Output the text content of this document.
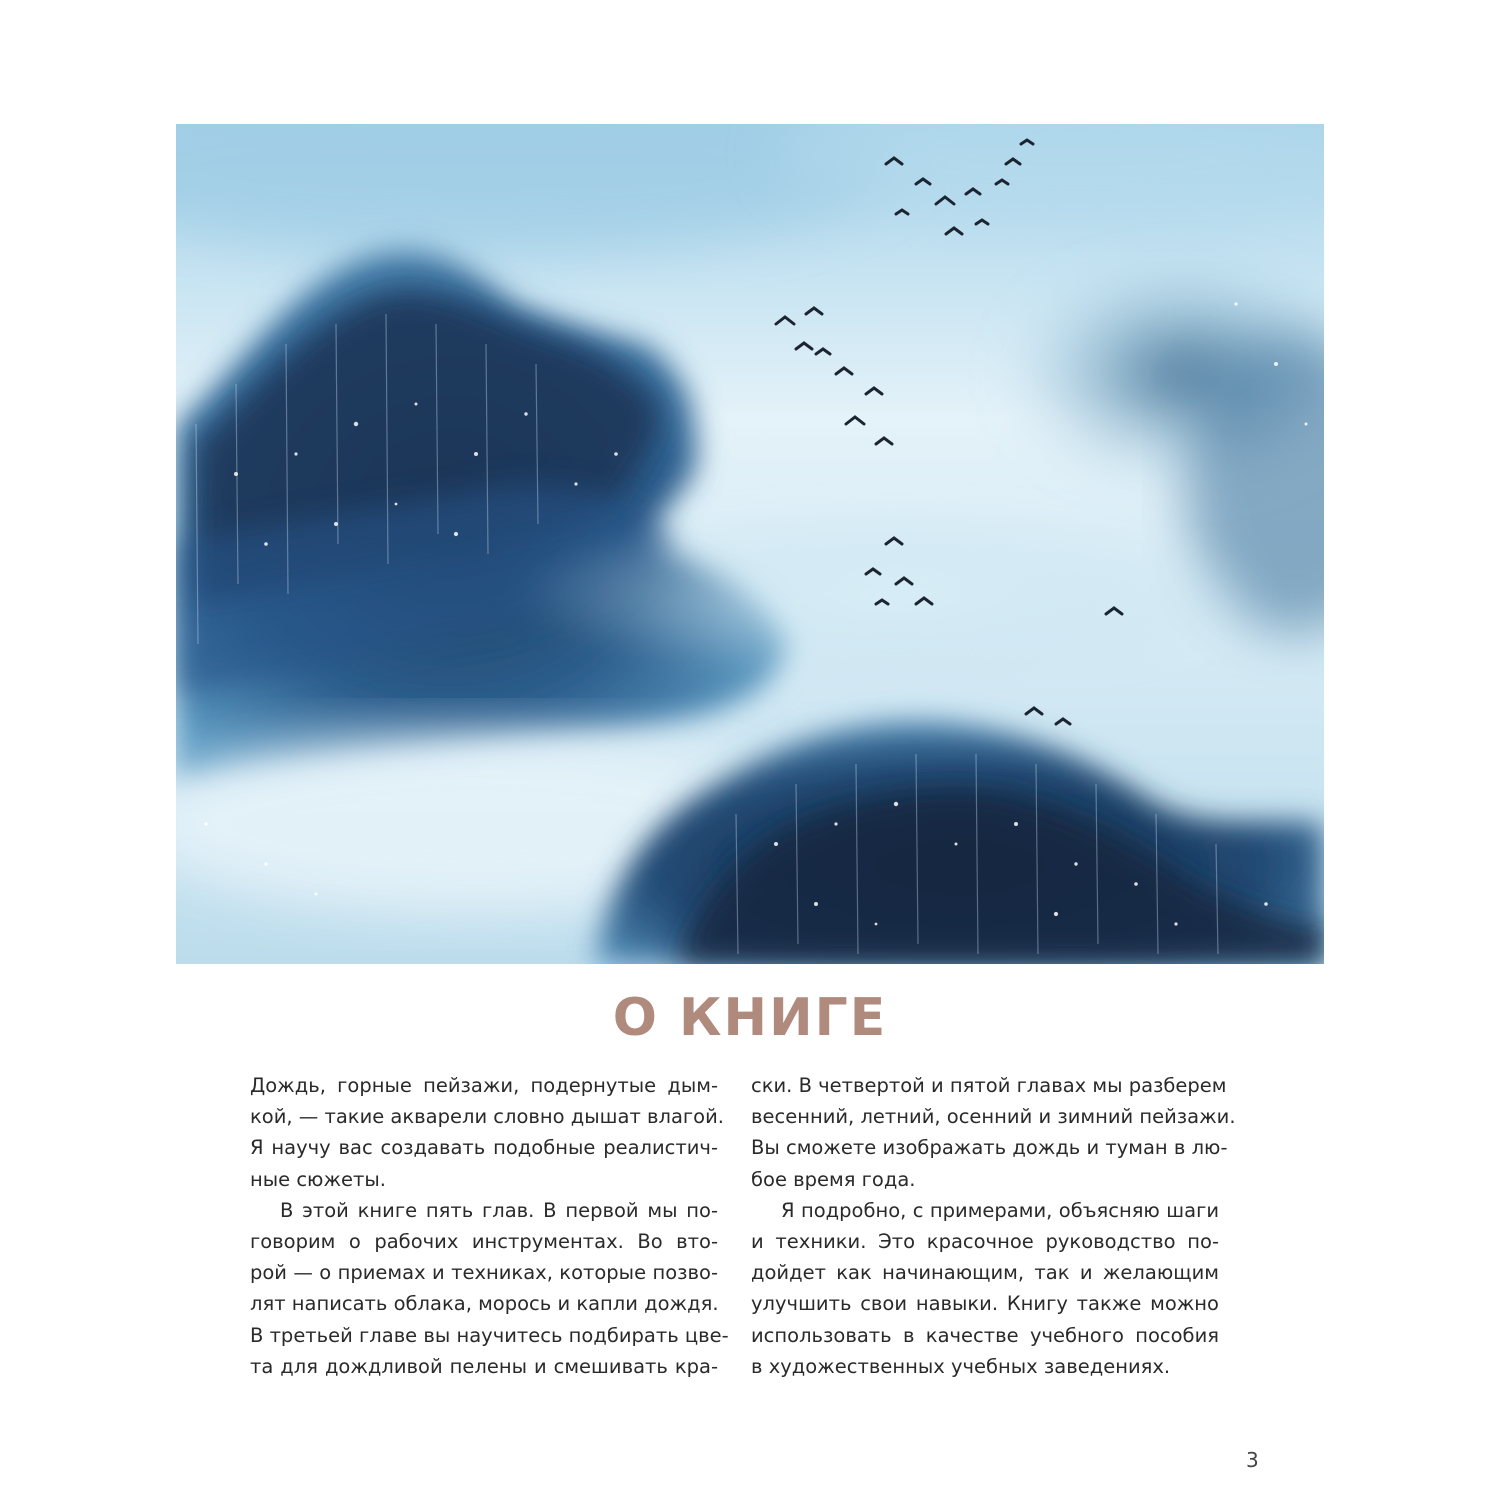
О КНИГЕ
Дождь, горные пейзажи, подернутые дым-
кой, — такие акварели словно дышат влагой.
Я научу вас создавать подобные реалистич-
ные сюжеты.
В этой книге пять глав. В первой мы по-
говорим о рабочих инструментах. Во вто-
рой — о приемах и техниках, которые позво-
лят написать облака, морось и капли дождя.
В третьей главе вы научитесь подбирать цве-
та для дождливой пелены и смешивать кра-
ски. В четвертой и пятой главах мы разберем
весенний, летний, осенний и зимний пейзажи.
Вы сможете изображать дождь и туман в лю-
бое время года.
Я подробно, с примерами, объясняю шаги
и техники. Это красочное руководство по-
дойдет как начинающим, так и желающим
улучшить свои навыки. Книгу также можно
использовать в качестве учебного пособия
в художественных учебных заведениях.
3
